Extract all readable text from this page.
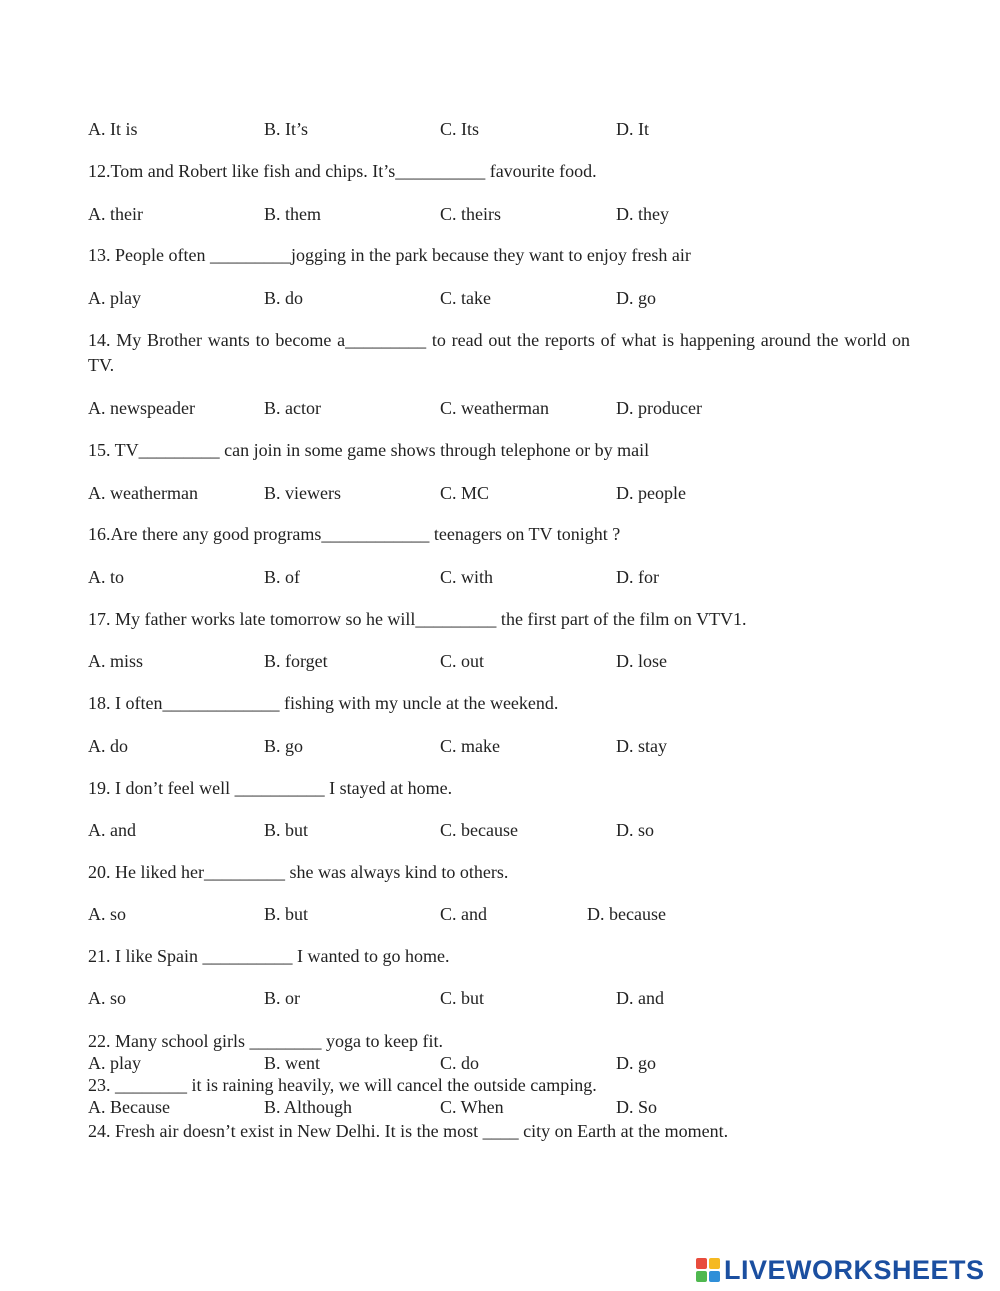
A. It is	B. It’s	C. Its	D. It
12.Tom and Robert like fish and chips. It’s__________ favourite food.
A. their	B. them	C. theirs	D. they
13. People often _________jogging in the park because they want to enjoy fresh air
A. play	B. do	C. take	D. go
14. My Brother wants to become a_________ to read out the reports of what is happening around the world on TV.
A. newspeader	B. actor	C. weatherman	D. producer
15. TV_________ can join in some game shows through telephone or by mail
A. weatherman	B. viewers	C. MC	D. people
16.Are there any good programs____________ teenagers on TV tonight ?
A. to	B. of	C. with	D. for
17. My father works late tomorrow so he will_________ the first part of the film on VTV1.
A. miss	B. forget	C. out	D. lose
18. I often_____________ fishing with my uncle at the weekend.
A. do	B. go	C. make	D. stay
19. I don’t feel well __________ I stayed at home.
A. and	B. but	C. because	D. so
20. He liked her_________ she was always kind to others.
A. so	B. but	C. and	D. because
21. I like Spain __________ I wanted to go home.
A. so	B. or	C. but	D. and
22. Many school girls ________ yoga to keep fit.
A. play	B. went	C. do	D. go
23. ________ it is raining heavily, we will cancel the outside camping.
A. Because	B. Although	C. When	D. So
24. Fresh air doesn’t exist in New Delhi. It is the most ____ city on Earth at the moment.
LIVEWORKSHEETS
